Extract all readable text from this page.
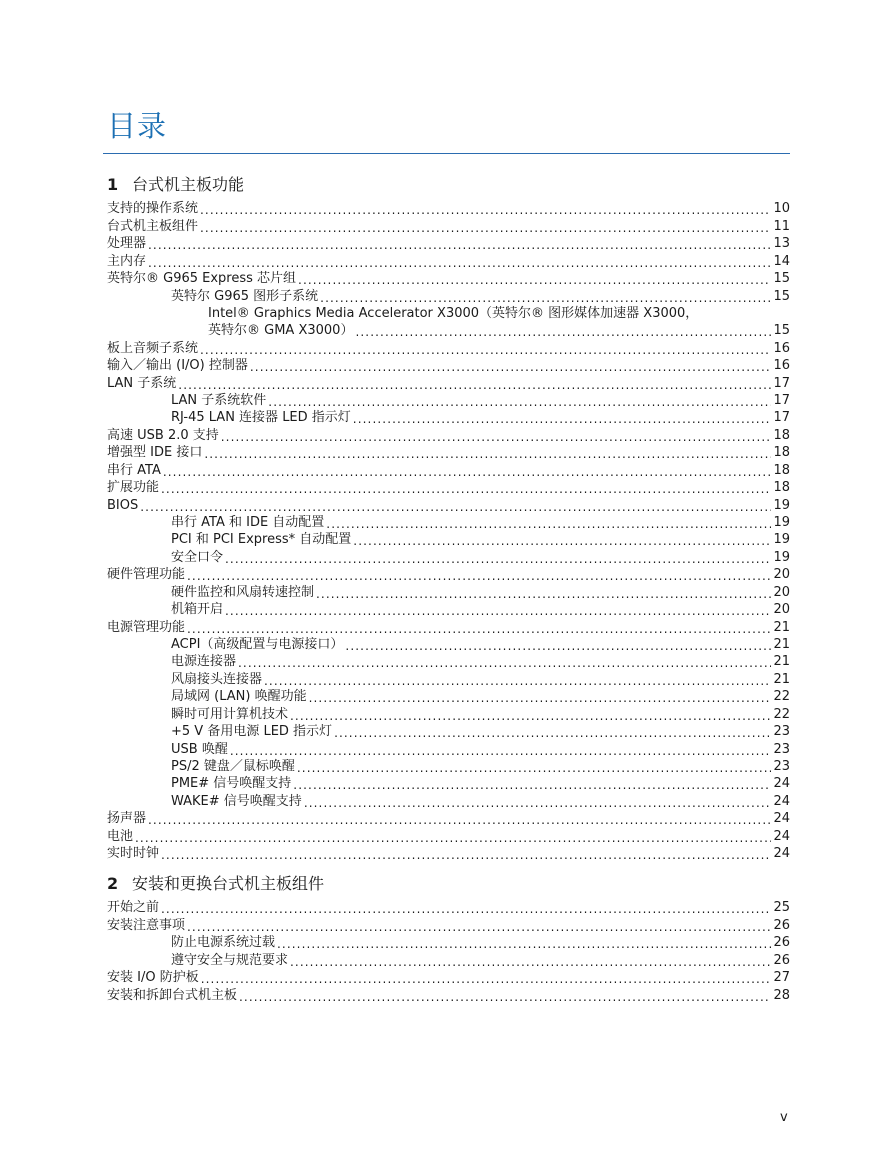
目录
1 台式机主板功能
支持的操作系统 .....	10
台式机主板组件 .....	11
处理器 .....	13
主内存 .....	14
英特尔® G965 Express 芯片组 .....	15
英特尔 G965 图形子系统 .....	15
Intel® Graphics Media Accelerator X3000（英特尔® 图形媒体加速器 X3000，
英特尔® GMA X3000） .....	15
板上音频子系统 .....	16
输入／输出 (I/O) 控制器 .....	16
LAN 子系统 .....	17
LAN 子系统软件 .....	17
RJ-45 LAN 连接器 LED 指示灯 .....	17
高速 USB 2.0 支持 .....	18
增强型 IDE 接口 .....	18
串行 ATA .....	18
扩展功能 .....	18
BIOS .....	19
串行 ATA 和 IDE 自动配置 .....	19
PCI 和 PCI Express* 自动配置 .....	19
安全口令 .....	19
硬件管理功能 .....	20
硬件监控和风扇转速控制 .....	20
机箱开启 .....	20
电源管理功能 .....	21
ACPI（高级配置与电源接口） .....	21
电源连接器 .....	21
风扇接头连接器 .....	21
局域网 (LAN) 唤醒功能 .....	22
瞬时可用计算机技术 .....	22
+5 V 备用电源 LED 指示灯 .....	23
USB 唤醒 .....	23
PS/2 键盘／鼠标唤醒 .....	23
PME# 信号唤醒支持 .....	24
WAKE# 信号唤醒支持 .....	24
扬声器 .....	24
电池 .....	24
实时时钟 .....	24
2 安装和更换台式机主板组件
开始之前 .....	25
安装注意事项 .....	26
防止电源系统过载 .....	26
遵守安全与规范要求 .....	26
安装 I/O 防护板 .....	27
安装和拆卸台式机主板 .....	28
v
